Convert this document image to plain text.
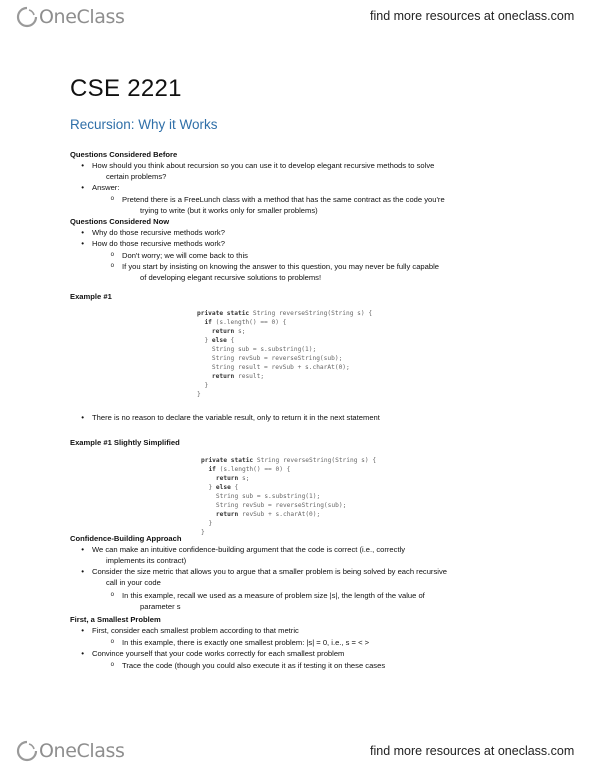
OneClass	find more resources at oneclass.com
CSE 2221
Recursion: Why it Works
Questions Considered Before
•	How should you think about recursion so you can use it to develop elegant recursive methods to solve
certain problems?
•	Answer:
o	Pretend there is a FreeLunch class with a method that has the same contract as the code you're
trying to write (but it works only for smaller problems)
Questions Considered Now
•	Why do those recursive methods work?
•	How do those recursive methods work?
o	Don't worry; we will come back to this
o	If you start by insisting on knowing the answer to this question, you may never be fully capable
of developing elegant recursive solutions to problems!
Example #1

private static String reverseString(String s) {
if (s.length() == 0) {
return s;
} else {
String sub = s.substring(1);
String revSub = reverseString(sub);
String result = revSub + s.charAt(0);
return result;
}
}

•	There is no reason to declare the variable result, only to return it in the next statement
Example #1 Slightly Simplified

private static String reverseString(String s) {
if (s.length() == 0) {
return s;
} else {
String sub = s.substring(1);
String revSub = reverseString(sub);
return revSub + s.charAt(0);
}
}

Confidence-Building Approach
•	We can make an intuitive confidence-building argument that the code is correct (i.e., correctly
implements its contract)
•	Consider the size metric that allows you to argue that a smaller problem is being solved by each recursive
call in your code
o	In this example, recall we used as a measure of problem size |s|, the length of the value of
parameter s
First, a Smallest Problem
•	First, consider each smallest problem according to that metric
o	In this example, there is exactly one smallest problem: |s| = 0, i.e., s = < >
•	Convince yourself that your code works correctly for each smallest problem
o	Trace the code (though you could also execute it as if testing it on these cases
OneClass	find more resources at oneclass.com
